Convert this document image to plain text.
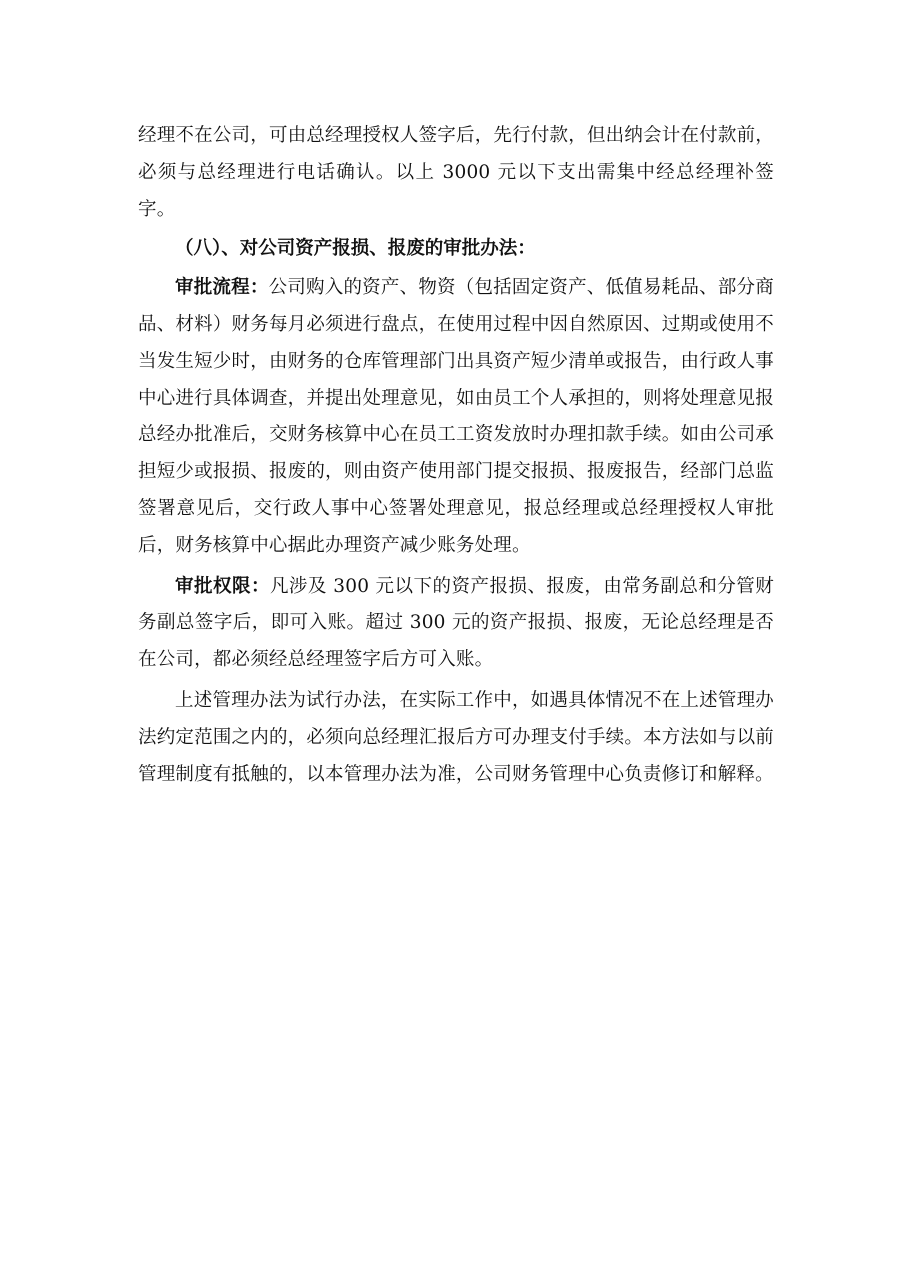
经理不在公司，可由总经理授权人签字后，先行付款，但出纳会计在付款前，必须与总经理进行电话确认。以上 3000 元以下支出需集中经总经理补签字。

（八）、对公司资产报损、报废的审批办法：

审批流程：公司购入的资产、物资（包括固定资产、低值易耗品、部分商品、材料）财务每月必须进行盘点，在使用过程中因自然原因、过期或使用不当发生短少时，由财务的仓库管理部门出具资产短少清单或报告，由行政人事中心进行具体调查，并提出处理意见，如由员工个人承担的，则将处理意见报总经办批准后，交财务核算中心在员工工资发放时办理扣款手续。如由公司承担短少或报损、报废的，则由资产使用部门提交报损、报废报告，经部门总监签署意见后，交行政人事中心签署处理意见，报总经理或总经理授权人审批后，财务核算中心据此办理资产减少账务处理。

审批权限：凡涉及 300 元以下的资产报损、报废，由常务副总和分管财务副总签字后，即可入账。超过 300 元的资产报损、报废，无论总经理是否在公司，都必须经总经理签字后方可入账。

上述管理办法为试行办法，在实际工作中，如遇具体情况不在上述管理办法约定范围之内的，必须向总经理汇报后方可办理支付手续。本方法如与以前管理制度有抵触的，以本管理办法为准，公司财务管理中心负责修订和解释。
